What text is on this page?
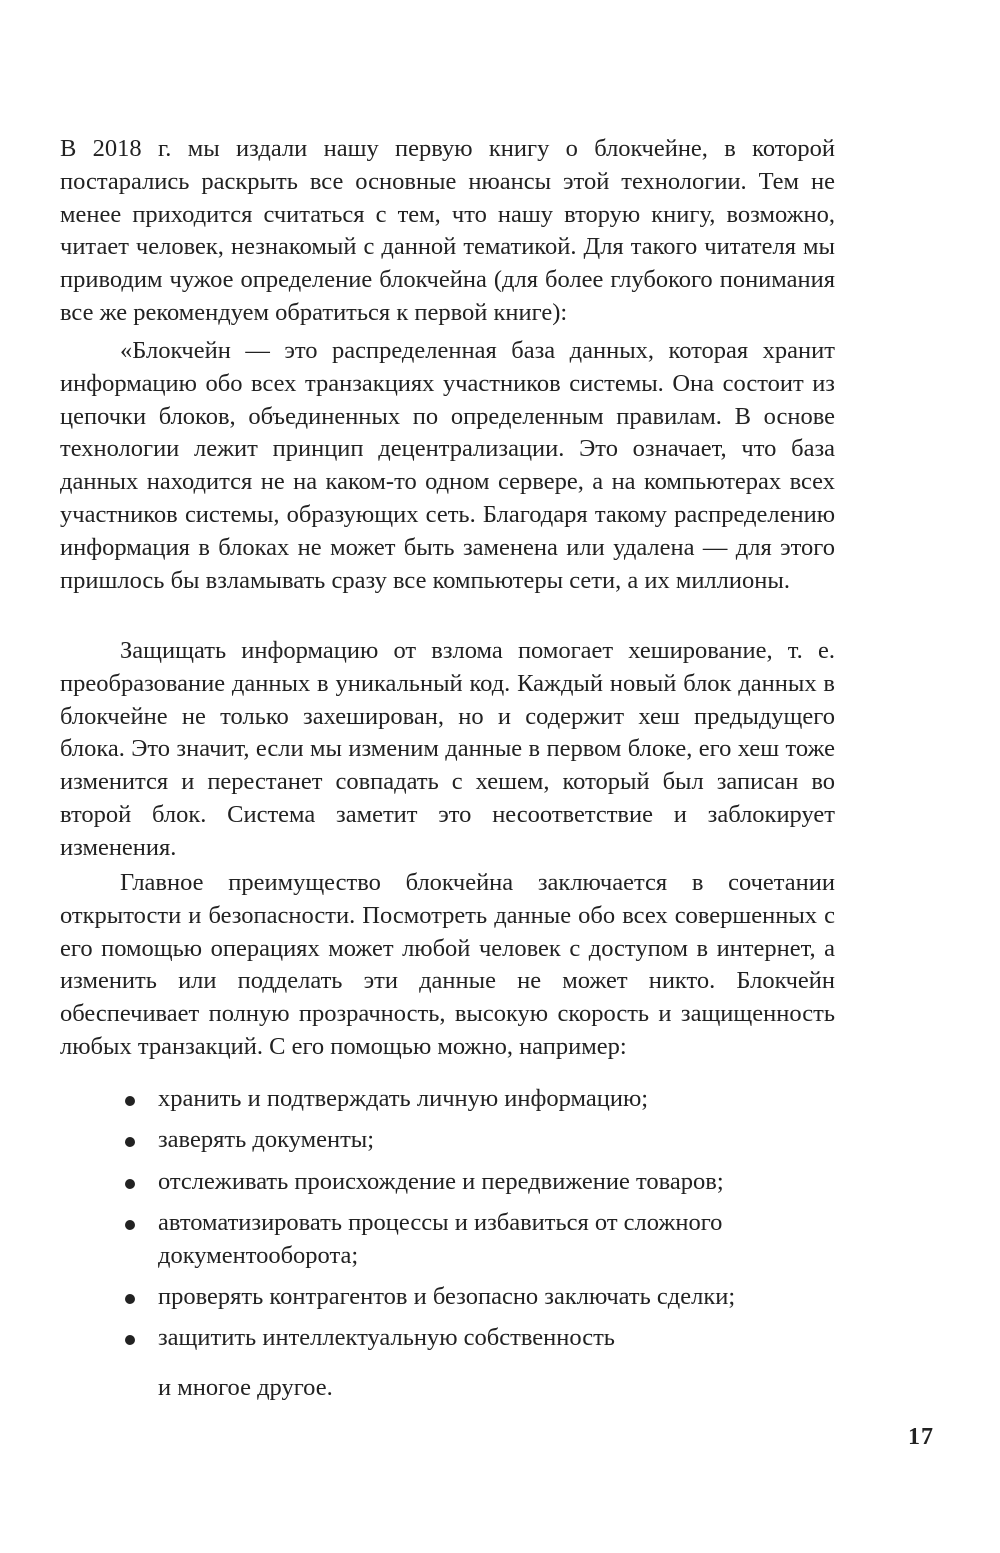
В 2018 г. мы издали нашу первую книгу о блокчейне, в которой постарались раскрыть все основные нюансы этой технологии. Тем не менее приходится считаться с тем, что нашу вторую книгу, возможно, читает человек, незнакомый с данной тематикой. Для такого читателя мы приводим чужое определение блокчейна (для более глубокого понимания все же рекомендуем обратиться к первой книге):

«Блокчейн — это распределенная база данных, которая хранит информацию обо всех транзакциях участников системы. Она состоит из цепочки блоков, объединенных по определенным правилам. В основе технологии лежит принцип децентрализации. Это означает, что база данных находится не на каком-то одном сервере, а на компьютерах всех участников системы, образующих сеть. Благодаря такому распределению информация в блоках не может быть заменена или удалена — для этого пришлось бы взламывать сразу все компьютеры сети, а их миллионы.

Защищать информацию от взлома помогает хеширование, т. е. преобразование данных в уникальный код. Каждый новый блок данных в блокчейне не только захеширован, но и содержит хеш предыдущего блока. Это значит, если мы изменим данные в первом блоке, его хеш тоже изменится и перестанет совпадать с хешем, который был записан во второй блок. Система заметит это несоответствие и заблокирует изменения.

Главное преимущество блокчейна заключается в сочетании открытости и безопасности. Посмотреть данные обо всех совершенных с его помощью операциях может любой человек с доступом в интернет, а изменить или подделать эти данные не может никто. Блокчейн обеспечивает полную прозрачность, высокую скорость и защищенность любых транзакций. С его помощью можно, например:

хранить и подтверждать личную информацию;
заверять документы;
отслеживать происхождение и передвижение товаров;
автоматизировать процессы и избавиться от сложного документооборота;
проверять контрагентов и безопасно заключать сделки;
защитить интеллектуальную собственность
и многое другое.
17
